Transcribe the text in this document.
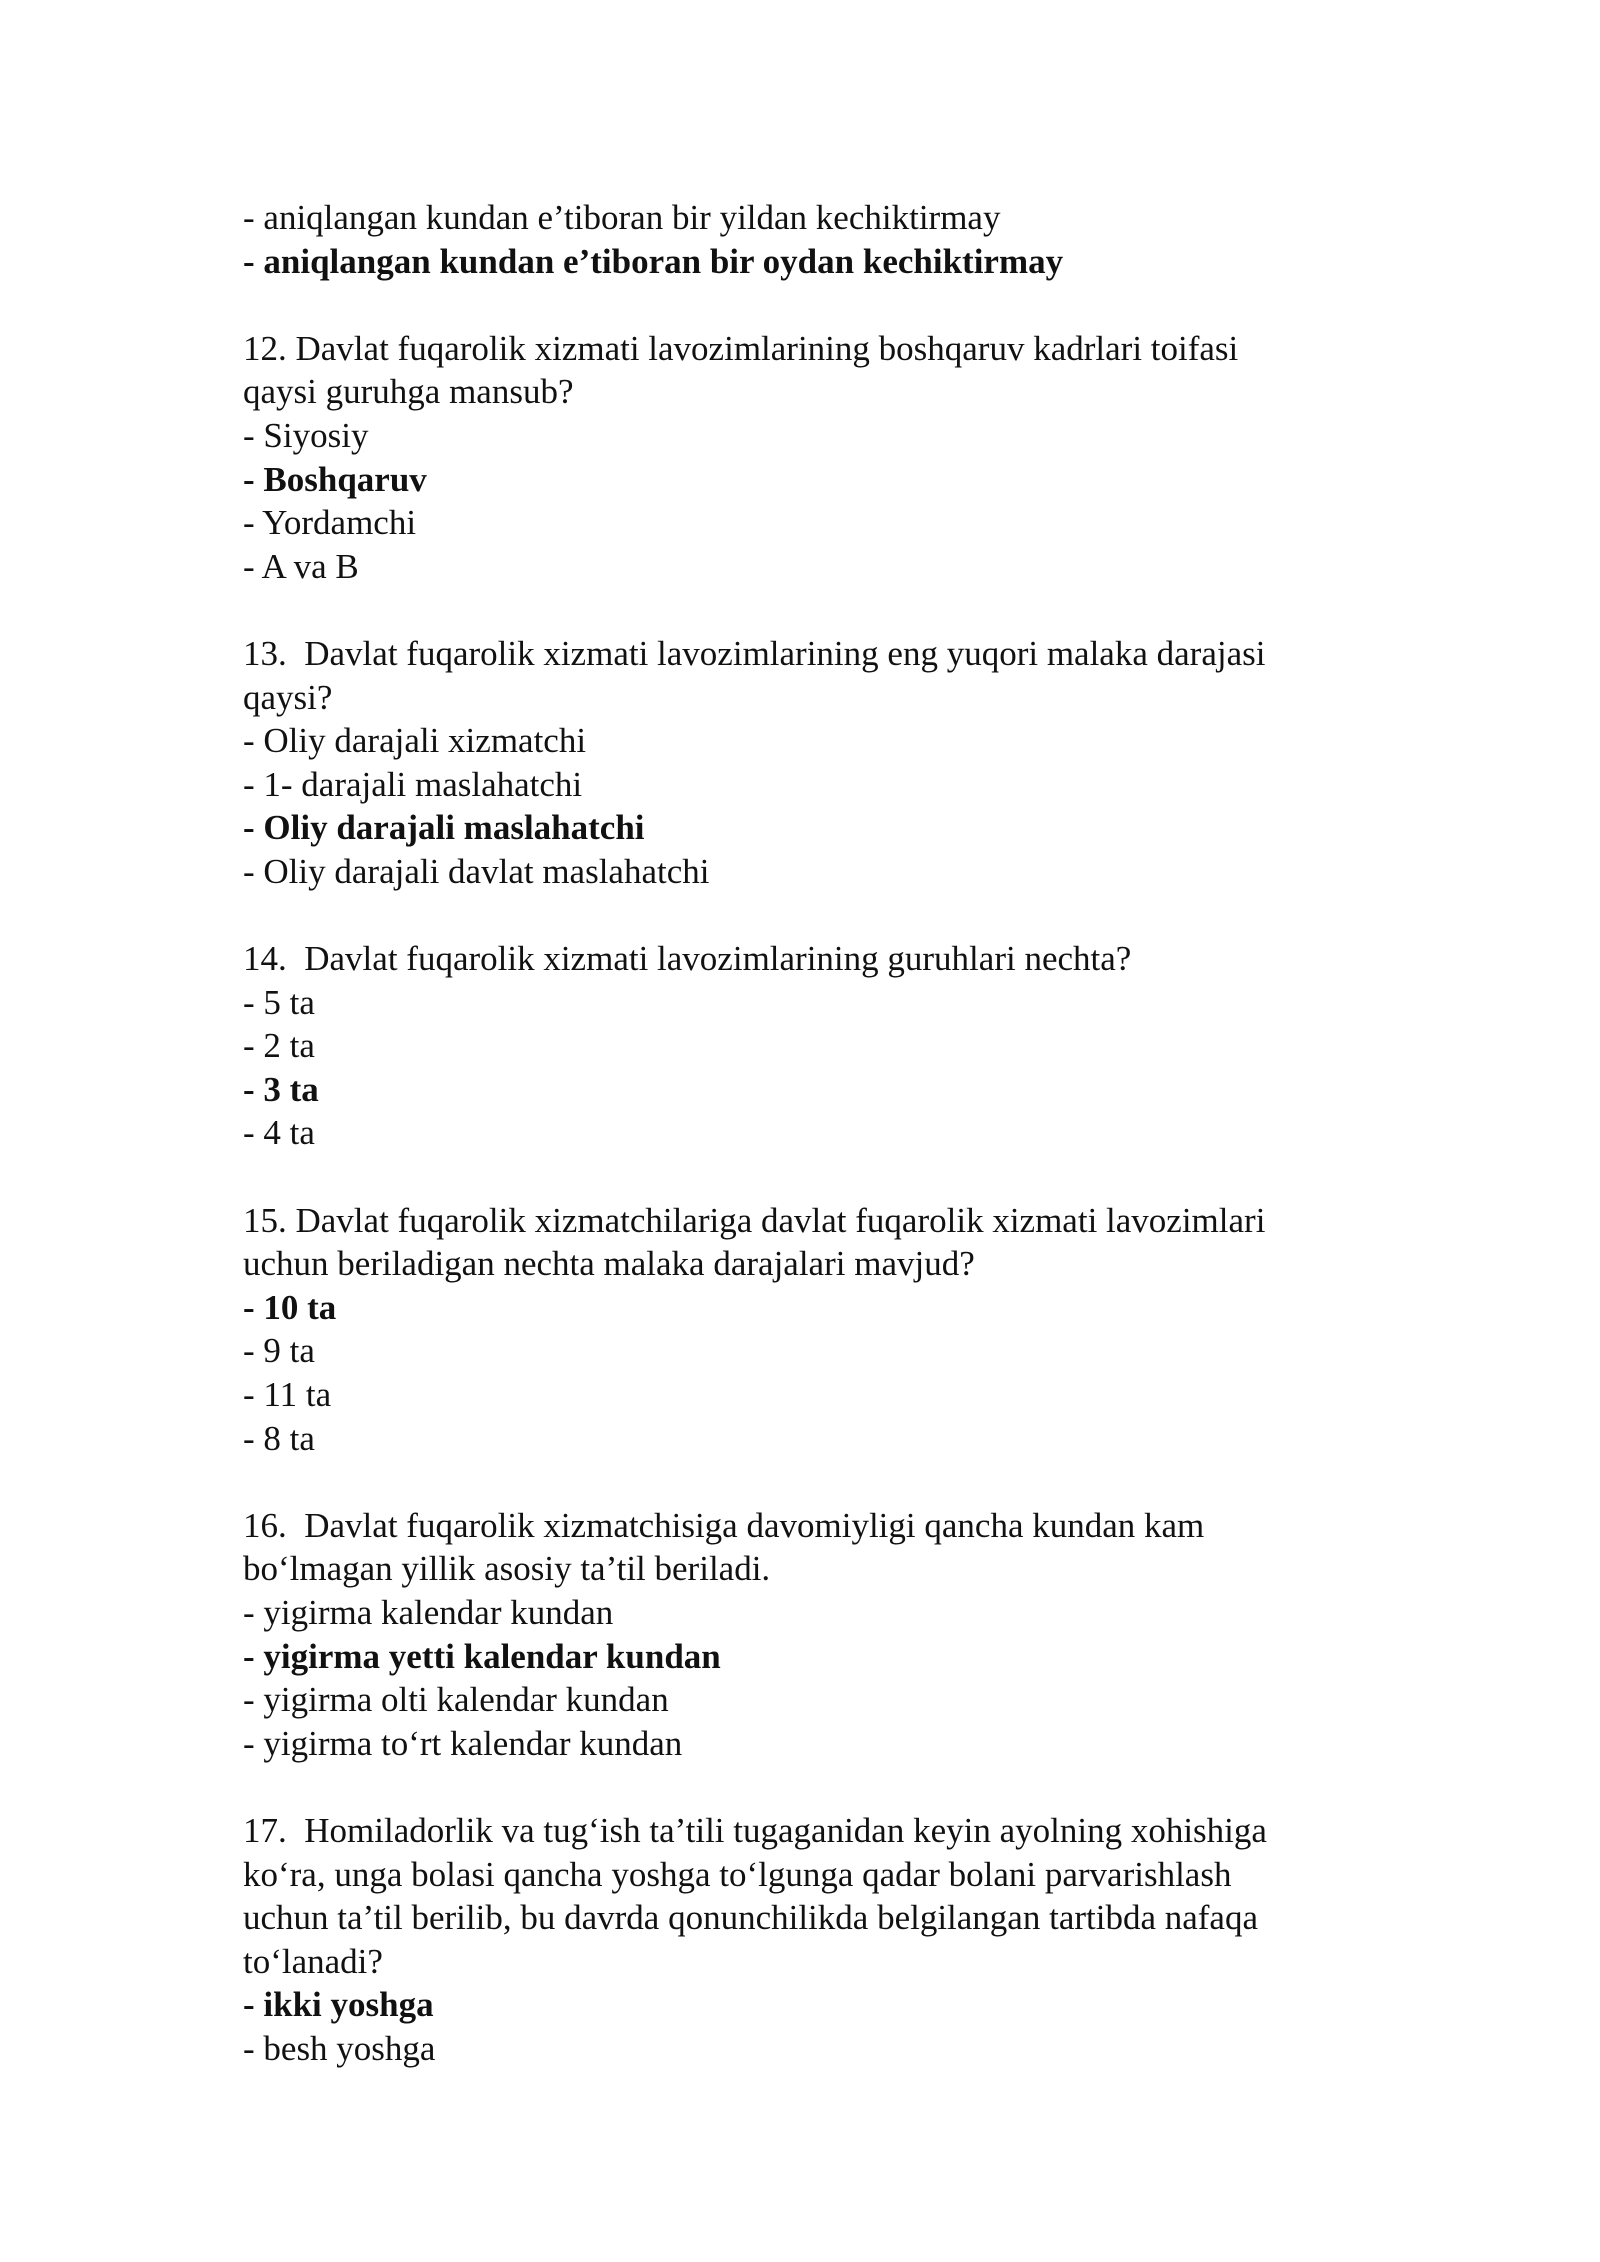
- aniqlangan kundan e’tiboran bir yildan kechiktirmay
- aniqlangan kundan e’tiboran bir oydan kechiktirmay
12. Davlat fuqarolik xizmati lavozimlarining boshqaruv kadrlari toifasi
qaysi guruhga mansub?
- Siyosiy
- Boshqaruv
- Yordamchi
- A va B
13.  Davlat fuqarolik xizmati lavozimlarining eng yuqori malaka darajasi
qaysi?
- Oliy darajali xizmatchi
- 1- darajali maslahatchi
- Oliy darajali maslahatchi
- Oliy darajali davlat maslahatchi
14.  Davlat fuqarolik xizmati lavozimlarining guruhlari nechta?
- 5 ta
- 2 ta
- 3 ta
- 4 ta
15. Davlat fuqarolik xizmatchilariga davlat fuqarolik xizmati lavozimlari
uchun beriladigan nechta malaka darajalari mavjud?
- 10 ta
- 9 ta
- 11 ta
- 8 ta
16.  Davlat fuqarolik xizmatchisiga davomiyligi qancha kundan kam
bo‘lmagan yillik asosiy ta’til beriladi.
- yigirma kalendar kundan
- yigirma yetti kalendar kundan
- yigirma olti kalendar kundan
- yigirma to‘rt kalendar kundan
17.  Homiladorlik va tug‘ish ta’tili tugaganidan keyin ayolning xohishiga
ko‘ra, unga bolasi qancha yoshga to‘lgunga qadar bolani parvarishlash
uchun ta’til berilib, bu davrda qonunchilikda belgilangan tartibda nafaqa
to‘lanadi?
- ikki yoshga
- besh yoshga
